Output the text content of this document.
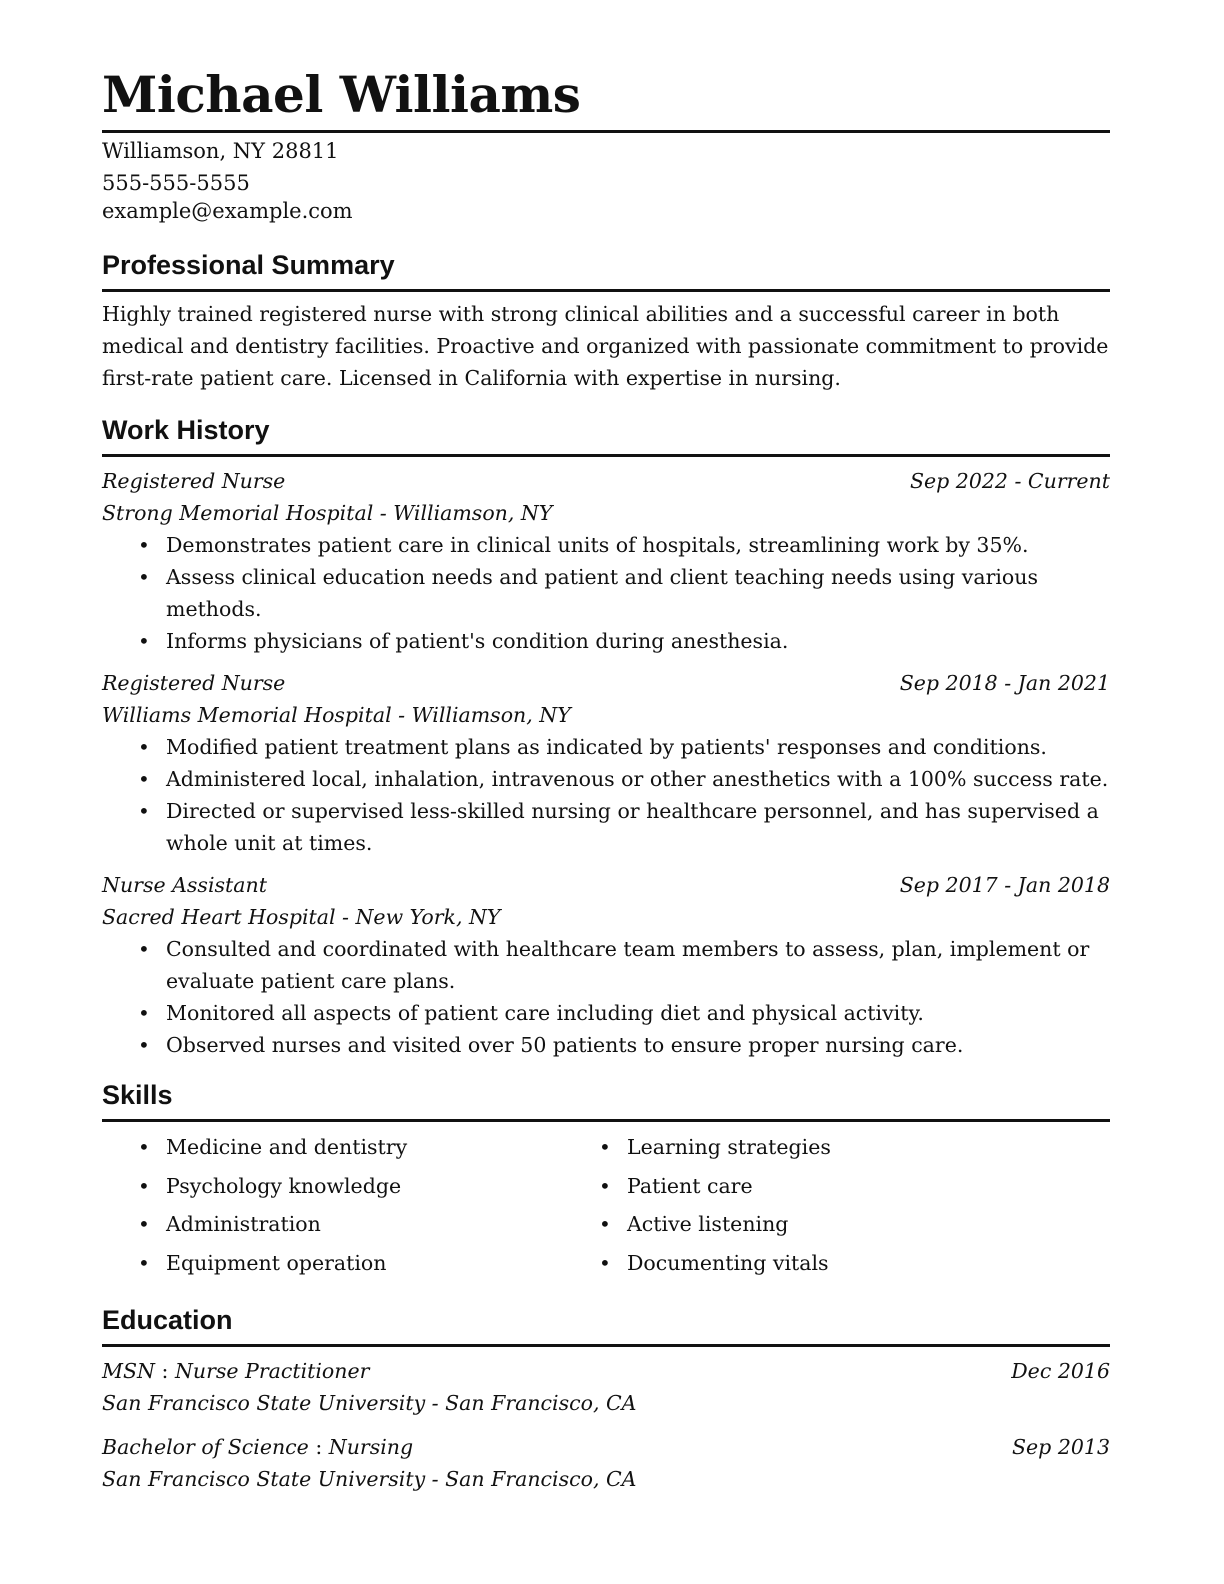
Michael Williams
Williamson, NY 28811
555-555-5555
example@example.com
Professional Summary

Highly trained registered nurse with strong clinical abilities and a successful career in both medical and dentistry facilities. Proactive and organized with passionate commitment to provide first-rate patient care. Licensed in California with expertise in nursing.

Work History
Registered Nurse	Sep 2022 - Current
Strong Memorial Hospital - Williamson, NY
• Demonstrates patient care in clinical units of hospitals, streamlining work by 35%.
• Assess clinical education needs and patient and client teaching needs using various methods.
• Informs physicians of patient's condition during anesthesia.
Registered Nurse	Sep 2018 - Jan 2021
Williams Memorial Hospital - Williamson, NY
• Modified patient treatment plans as indicated by patients' responses and conditions.
• Administered local, inhalation, intravenous or other anesthetics with a 100% success rate.
• Directed or supervised less-skilled nursing or healthcare personnel, and has supervised a whole unit at times.
Nurse Assistant	Sep 2017 - Jan 2018
Sacred Heart Hospital - New York, NY
• Consulted and coordinated with healthcare team members to assess, plan, implement or evaluate patient care plans.
• Monitored all aspects of patient care including diet and physical activity.
• Observed nurses and visited over 50 patients to ensure proper nursing care.
Skills
• Medicine and dentistry
• Psychology knowledge
• Administration
• Equipment operation
• Learning strategies
• Patient care
• Active listening
• Documenting vitals
Education
MSN : Nurse Practitioner	Dec 2016
San Francisco State University - San Francisco, CA
Bachelor of Science : Nursing	Sep 2013
San Francisco State University - San Francisco, CA
